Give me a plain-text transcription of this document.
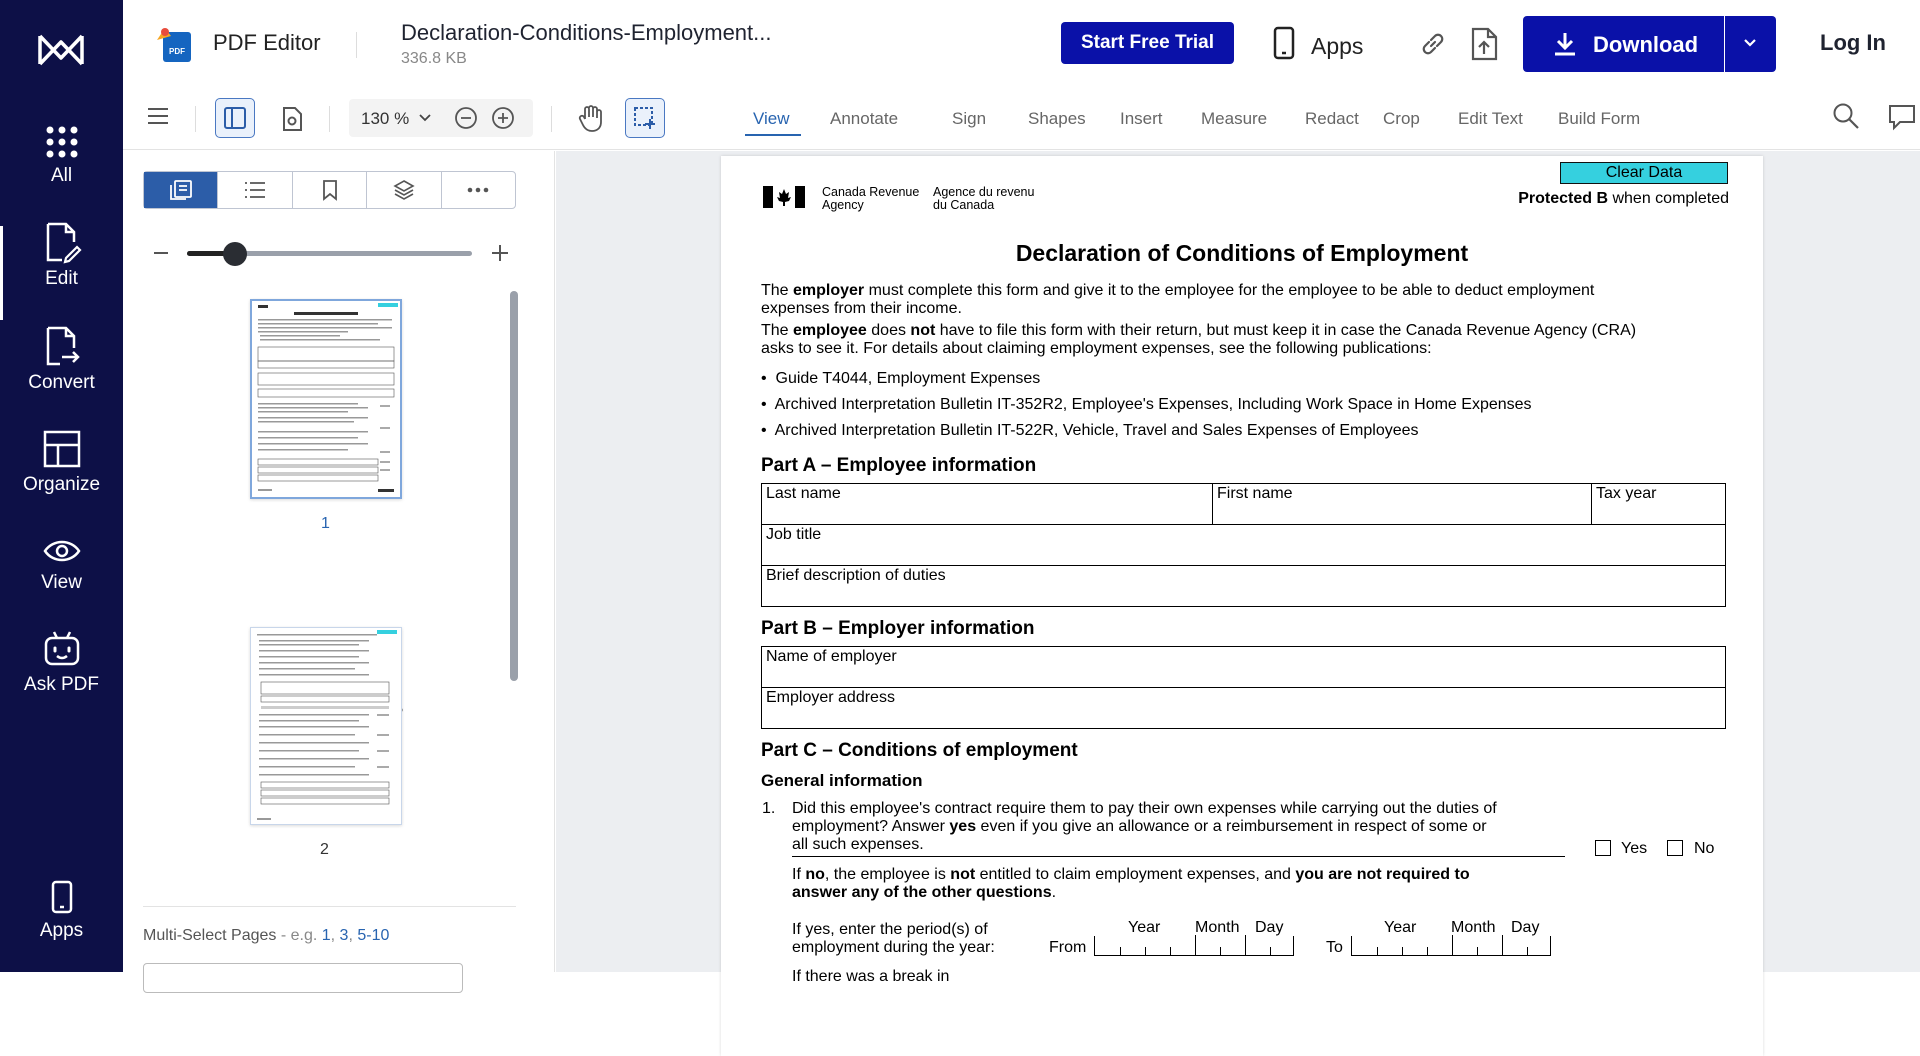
All
Edit
Convert
Organize
View
Ask PDF
Apps
PDF PDF Editor	Declaration-Conditions-Employment...
336.8 KB
Start Free Trial	Apps	Download	Log In
130 %	View Annotate	Sign Shapes Insert Measure Redact Crop Edit Text Build Form
1
2
Multi-Select Pages - e.g. 1, 3, 5-10
Canada Revenue
Agency
Agence du revenu
du Canada
Clear Data
Protected B when completed
Declaration of Conditions of Employment
The employer must complete this form and give it to the employee for the employee to be able to deduct employment
expenses from their income.
The employee does not have to file this form with their return, but must keep it in case the Canada Revenue Agency (CRA)
asks to see it. For details about claiming employment expenses, see the following publications:
•  Guide T4044, Employment Expenses
•  Archived Interpretation Bulletin IT-352R2, Employee's Expenses, Including Work Space in Home Expenses
•  Archived Interpretation Bulletin IT-522R, Vehicle, Travel and Sales Expenses of Employees
Part A – Employee information
Last name	First name	Tax year
Job title
Brief description of duties
Part B – Employer information
Name of employer
Employer address
Part C – Conditions of employment
General information
1. Did this employee's contract require them to pay their own expenses while carrying out the duties of
employment? Answer yes even if you give an allowance or a reimbursement in respect of some or
all such expenses.	Yes	No
If no, the employee is not entitled to claim employment expenses, and you are not required to
answer any of the other questions.
If yes, enter the period(s) of
employment during the year:
Year Month Day	Year Month Day
From	To
If there was a break in
